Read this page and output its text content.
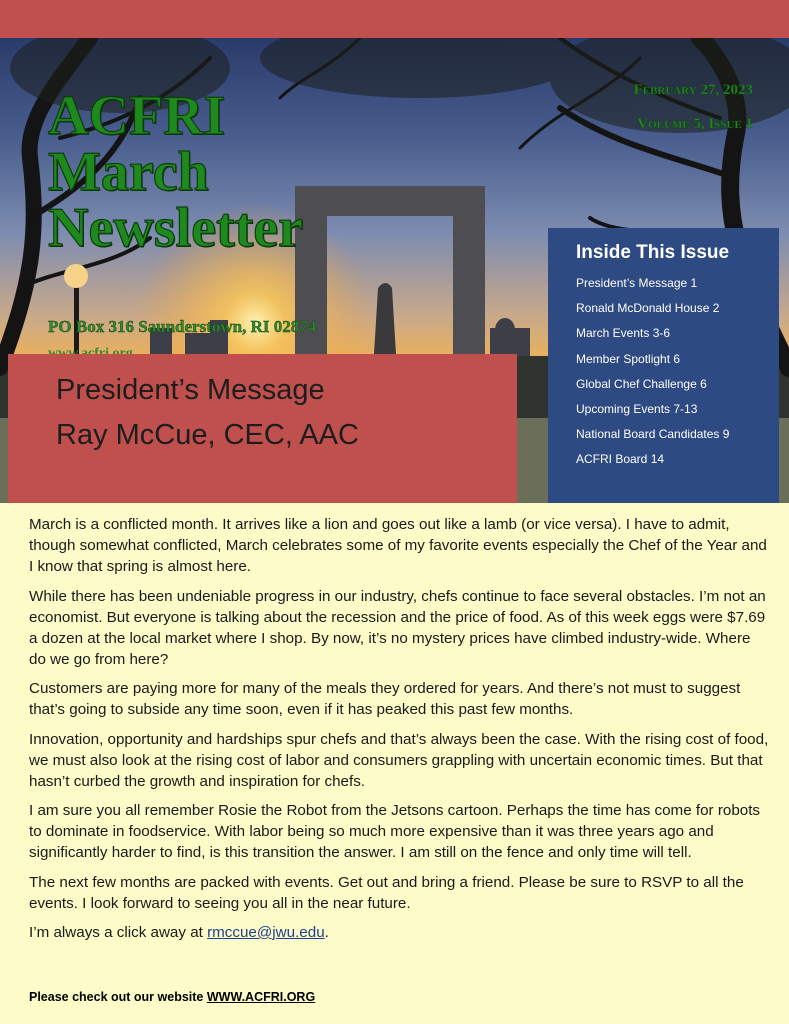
ACFRI
March
Newsletter

PO Box 316 Saunderstown, RI 02874

February 27, 2023

Volume 5, Issue 1

President’s Message
Ray McCue, CEC, AAC
Inside This Issue
President’s Message 1
Ronald McDonald House 2
March Events 3-6
Member Spotlight 6
Global Chef Challenge 6
Upcoming Events 7-13
National Board Candidates 9
ACFRI Board 14

March is a conflicted month. It arrives like a lion and goes out like a lamb (or vice versa). I have to admit, though somewhat conflicted, March celebrates some of my favorite events especially the Chef of the Year and I know that spring is almost here.

While there has been undeniable progress in our industry, chefs continue to face several obstacles. I’m not an economist. But everyone is talking about the recession and the price of food. As of this week eggs were $7.69 a dozen at the local market where I shop. By now, it’s no mystery prices have climbed industry-wide. Where do we go from here?

Customers are paying more for many of the meals they ordered for years. And there’s not must to suggest that’s going to subside any time soon, even if it has peaked this past few months.

Innovation, opportunity and hardships spur chefs and that’s always been the case. With the rising cost of food, we must also look at the rising cost of labor and consumers grappling with uncertain economic times. But that hasn’t curbed the growth and inspiration for chefs.

I am sure you all remember Rosie the Robot from the Jetsons cartoon. Perhaps the time has come for robots to dominate in foodservice. With labor being so much more expensive than it was three years ago and significantly harder to find, is this transition the answer. I am still on the fence and only time will tell.

The next few months are packed with events. Get out and bring a friend. Please be sure to RSVP to all the events. I look forward to seeing you all in the near future.

I’m always a click away at rmccue@jwu.edu.

Please check out our website WWW.ACFRI.ORG
